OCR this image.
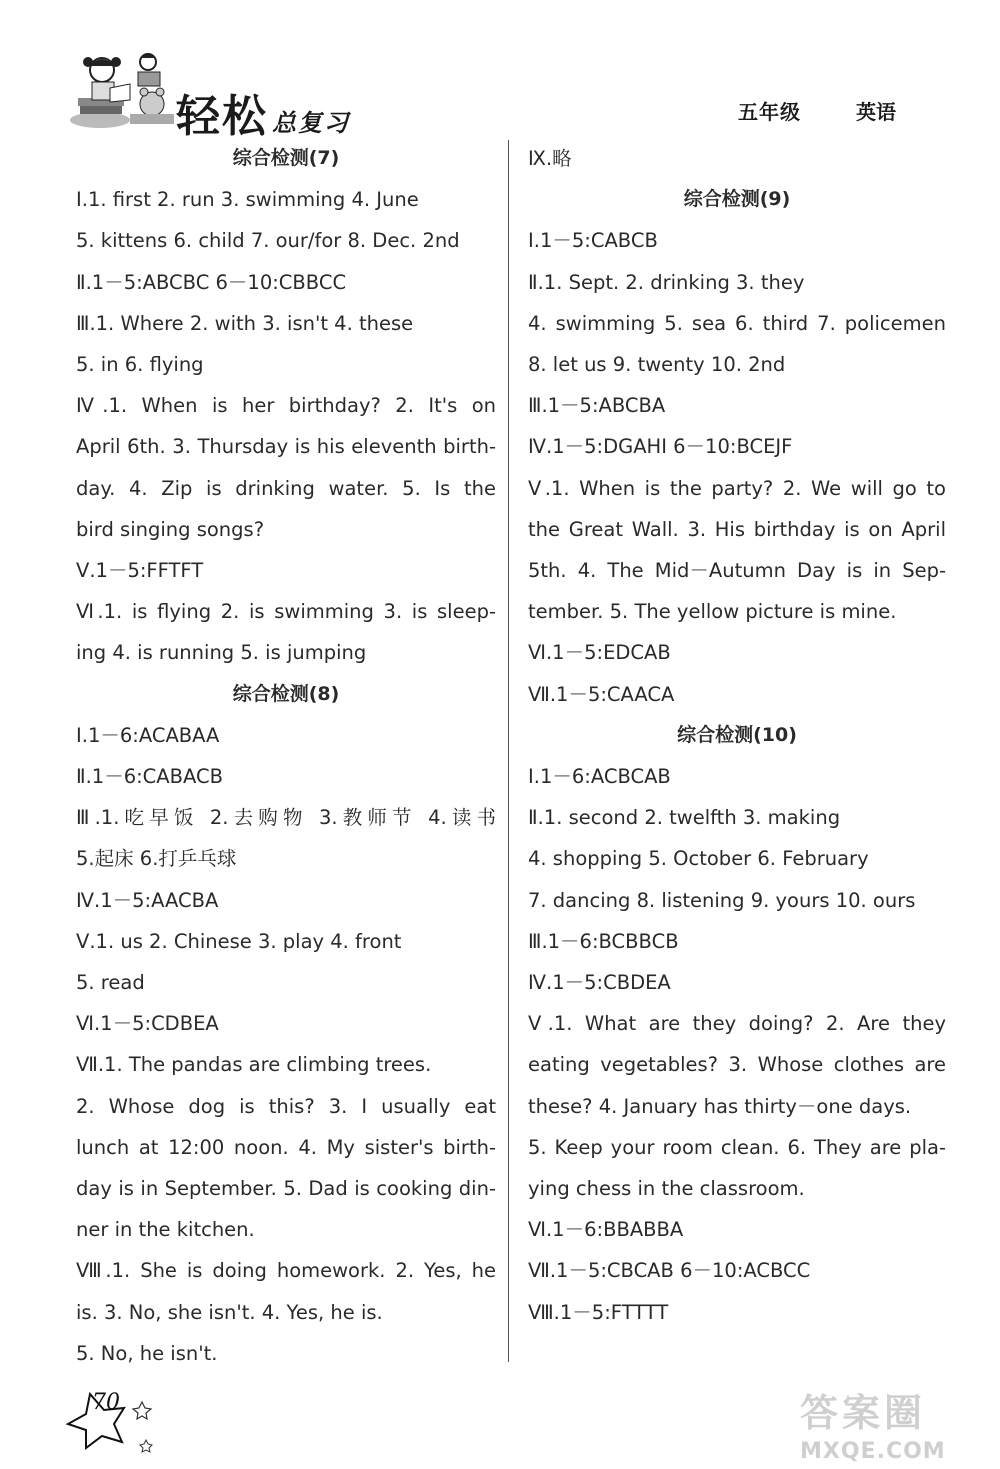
轻松 总复习	五年级	英语
综合检测(7)
Ⅰ.1. first 2. run 3. swimming 4. June
5. kittens 6. child 7. our/for 8. Dec. 2nd
Ⅱ.1－5:ABCBC 6－10:CBBCC
Ⅲ.1. Where 2. with 3. isn't 4. these
5. in 6. flying
Ⅳ.1. When is her birthday? 2. It's on
April 6th. 3. Thursday is his eleventh birth-
day. 4. Zip is drinking water. 5. Is the
bird singing songs?
Ⅴ.1－5:FFTFT
Ⅵ.1. is flying 2. is swimming 3. is sleep-
ing 4. is running 5. is jumping
综合检测(8)
Ⅰ.1－6:ACABAA
Ⅱ.1－6:CABACB
Ⅲ.1.吃早饭 2.去购物 3.教师节 4.读书
5.起床 6.打乒乓球
Ⅳ.1－5:AACBA
Ⅴ.1. us 2. Chinese 3. play 4. front
5. read
Ⅵ.1－5:CDBEA
Ⅶ.1. The pandas are climbing trees.
2. Whose dog is this? 3. I usually eat
lunch at 12:00 noon. 4. My sister's birth-
day is in September. 5. Dad is cooking din-
ner in the kitchen.
Ⅷ.1. She is doing homework. 2. Yes, he
is. 3. No, she isn't. 4. Yes, he is.
5. No, he isn't.
Ⅸ.略
综合检测(9)
Ⅰ.1－5:CABCB
Ⅱ.1. Sept. 2. drinking 3. they
4. swimming 5. sea 6. third 7. policemen
8. let us 9. twenty 10. 2nd
Ⅲ.1－5:ABCBA
Ⅳ.1－5:DGAHI 6－10:BCEJF
Ⅴ.1. When is the party? 2. We will go to
the Great Wall. 3. His birthday is on April
5th. 4. The Mid－Autumn Day is in Sep-
tember. 5. The yellow picture is mine.
Ⅵ.1－5:EDCAB
Ⅶ.1－5:CAACA
综合检测(10)
Ⅰ.1－6:ACBCAB
Ⅱ.1. second 2. twelfth 3. making
4. shopping 5. October 6. February
7. dancing 8. listening 9. yours 10. ours
Ⅲ.1－6:BCBBCB
Ⅳ.1－5:CBDEA
Ⅴ.1. What are they doing? 2. Are they
eating vegetables? 3. Whose clothes are
these? 4. January has thirty－one days.
5. Keep your room clean. 6. They are pla-
ying chess in the classroom.
Ⅵ.1－6:BBABBA
Ⅶ.1－5:CBCAB 6－10:ACBCC
Ⅷ.1－5:FTTTT
70	答案圈
MXQE.COM
